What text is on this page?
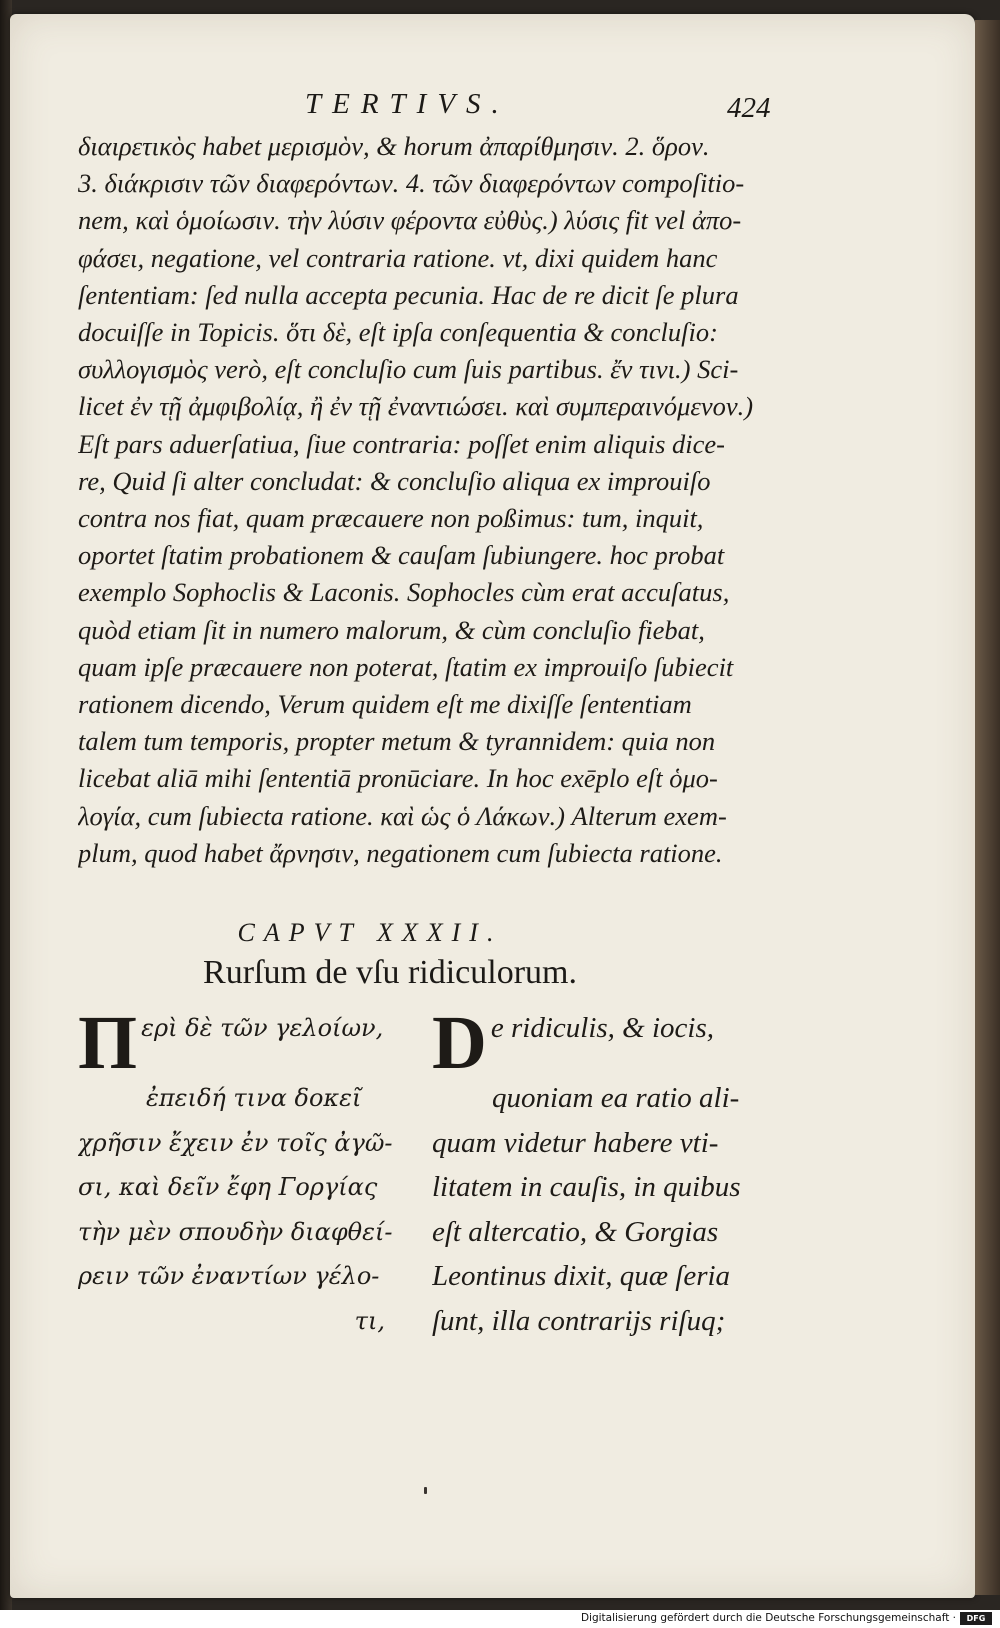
TERTIVS.	424
διαιρετικὸς habet μερισμὸν, & horum ἀπαρίθμησιν. 2. ὅρον.
3. διάκρισιν τῶν διαφερόντων. 4. τῶν διαφερόντων compoſitio-
nem, καὶ ὁμοίωσιν. τὴν λύσιν φέροντα εὐθὺς.) λύσις fit vel ἀπο-
φάσει, negatione, vel contraria ratione. vt, dixi quidem hanc
ſententiam: ſed nulla accepta pecunia. Hac de re dicit ſe plura
docuiſſe in Topicis. ὅτι δὲ, eſt ipſa conſequentia & concluſio:
συλλογισμὸς verò, eſt concluſio cum ſuis partibus. ἔν τινι.) Sci-
licet ἐν τῇ ἀμφιβολίᾳ, ἢ ἐν τῇ ἐναντιώσει. καὶ συμπεραινόμενον.)
Eſt pars aduerſatiua, ſiue contraria: poſſet enim aliquis dice-
re, Quid ſi alter concludat: & concluſio aliqua ex improuiſo
contra nos fiat, quam præcauere non poßimus: tum, inquit,
oportet ſtatim probationem & cauſam ſubiungere. hoc probat
exemplo Sophoclis & Laconis. Sophocles cùm erat accuſatus,
quòd etiam ſit in numero malorum, & cùm concluſio fiebat,
quam ipſe præcauere non poterat, ſtatim ex improuiſo ſubiecit
rationem dicendo, Verum quidem eſt me dixiſſe ſententiam
talem tum temporis, propter metum & tyrannidem: quia non
licebat aliā mihi ſententiā pronūciare. In hoc exēplo eſt ὁμο-
λογία, cum ſubiecta ratione. καὶ ὡς ὁ Λάκων.) Alterum exem-
plum, quod habet ἄρνησιν, negationem cum ſubiecta ratione.
CAPVT XXXII.
Rurſum de vſu ridiculorum.
Περὶ δὲ τῶν γελοίων,
ἐπειδή τινα δοκεῖ
χρῆσιν ἔχειν ἐν τοῖς ἀγῶ-
σι, καὶ δεῖν ἔφη Γοργίας
τὴν μὲν σπουδὴν διαφθεί-
ρειν τῶν ἐναντίων γέλο-
τι,
De ridiculis, & iocis,
quoniam ea ratio ali-
quam videtur habere vti-
litatem in cauſis, in quibus
eſt altercatio, & Gorgias
Leontinus dixit, quæ ſeria
ſunt, illa contrarijs riſuq;
Digitalisierung gefördert durch die Deutsche Forschungsgemeinschaft ·	DFG
